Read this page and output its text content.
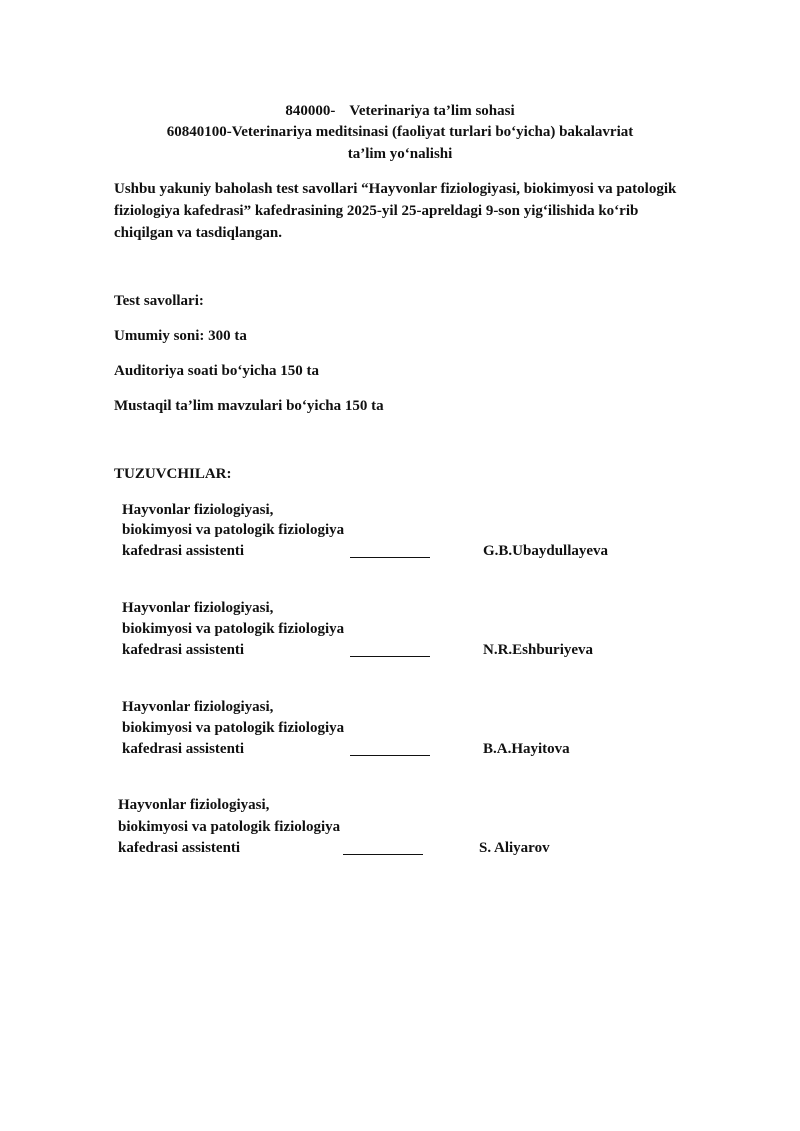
840000- Veterinariya ta’lim sohasi
60840100-Veterinariya meditsinasi (faoliyat turlari bo‘yicha) bakalavriat
ta’lim yo‘nalishi
Ushbu yakuniy baholash test savollari “Hayvonlar fiziologiyasi, biokimyosi va patologik
fiziologiya kafedrasi” kafedrasining 2025-yil 25-apreldagi 9-son yig‘ilishida ko‘rib
chiqilgan va tasdiqlangan.
Test savollari:
Umumiy soni: 300 ta
Auditoriya soati bo‘yicha 150 ta
Mustaqil ta’lim mavzulari bo‘yicha 150 ta
TUZUVCHILAR:
Hayvonlar fiziologiyasi,
biokimyosi va patologik fiziologiya
kafedrasi assistenti	G.B.Ubaydullayeva
Hayvonlar fiziologiyasi,
biokimyosi va patologik fiziologiya
kafedrasi assistenti	N.R.Eshburiyeva
Hayvonlar fiziologiyasi,
biokimyosi va patologik fiziologiya
kafedrasi assistenti	B.A.Hayitova
Hayvonlar fiziologiyasi,
biokimyosi va patologik fiziologiya
kafedrasi assistenti	S. Aliyarov
